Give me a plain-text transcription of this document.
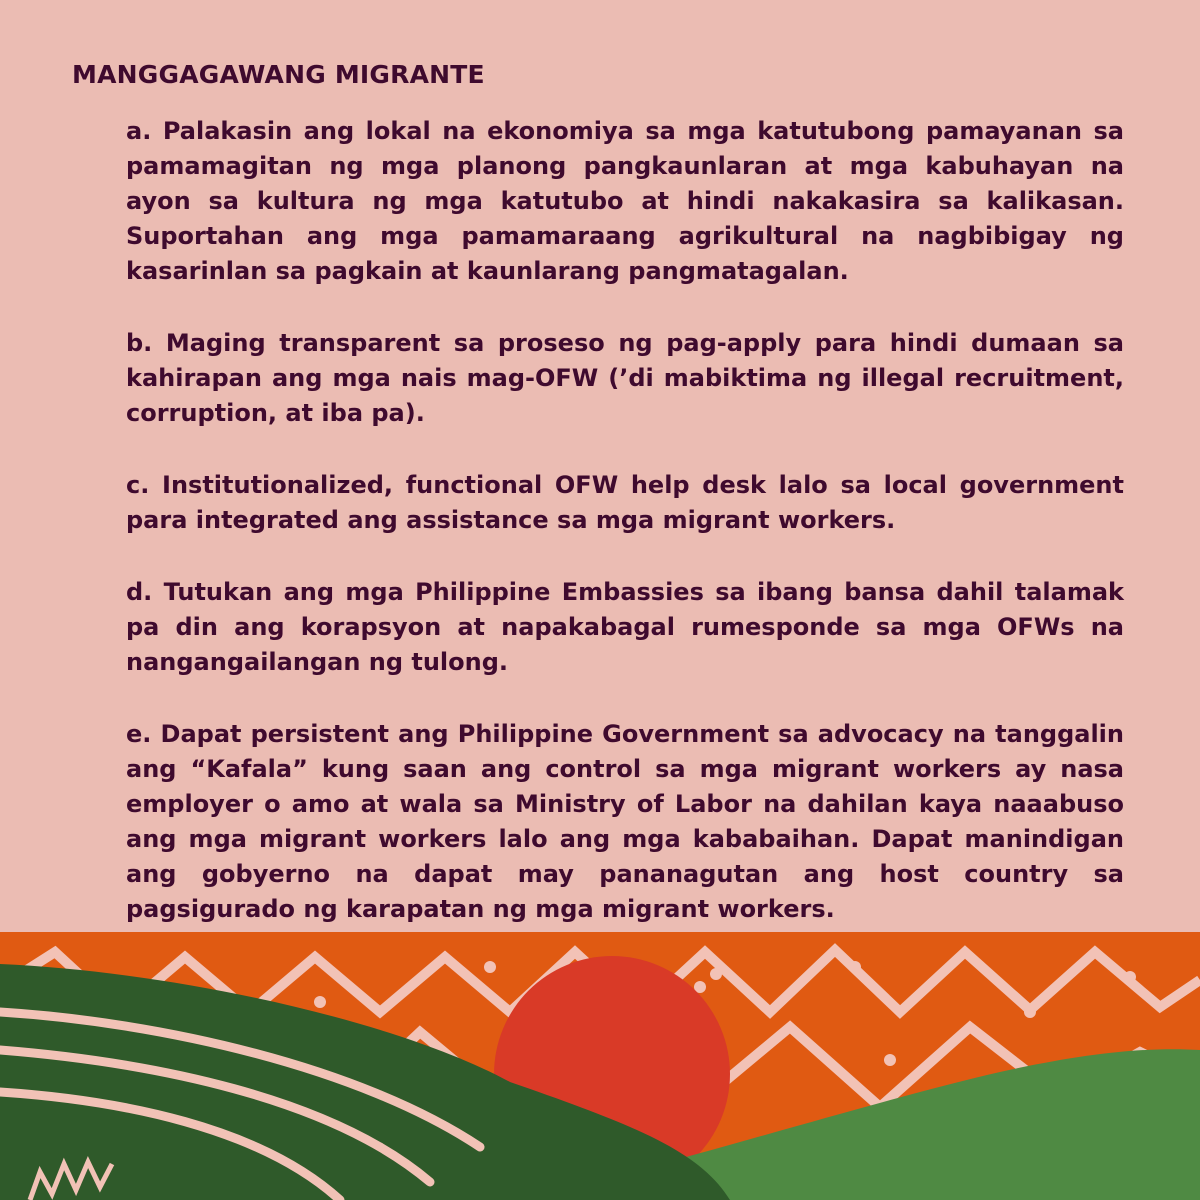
MANGGAGAWANG MIGRANTE
a. Palakasin ang lokal na ekonomiya sa mga katutubong pamayanan sa pamamagitan ng mga planong pangkaunlaran at mga kabuhayan na ayon sa kultura ng mga katutubo at hindi nakakasira sa kalikasan. Suportahan ang mga pamamaraang agrikultural na nagbibigay ng kasarinlan sa pagkain at kaunlarang pangmatagalan.
b. Maging transparent sa proseso ng pag-apply para hindi dumaan sa kahirapan ang mga nais mag-OFW (’di mabiktima ng illegal recruitment, corruption, at iba pa).
c. Institutionalized, functional OFW help desk lalo sa local government para integrated ang assistance sa mga migrant workers.
d. Tutukan ang mga Philippine Embassies sa ibang bansa dahil talamak pa din ang korapsyon at napakabagal rumesponde sa mga OFWs na nangangailangan ng tulong.
e. Dapat persistent ang Philippine Government sa advocacy na tanggalin ang “Kafala” kung saan ang control sa mga migrant workers ay nasa employer o amo at wala sa Ministry of Labor na dahilan kaya naaabuso ang mga migrant workers lalo ang mga kababaihan. Dapat manindigan ang gobyerno na dapat may pananagutan ang host country sa pagsigurado ng karapatan ng mga migrant workers.
